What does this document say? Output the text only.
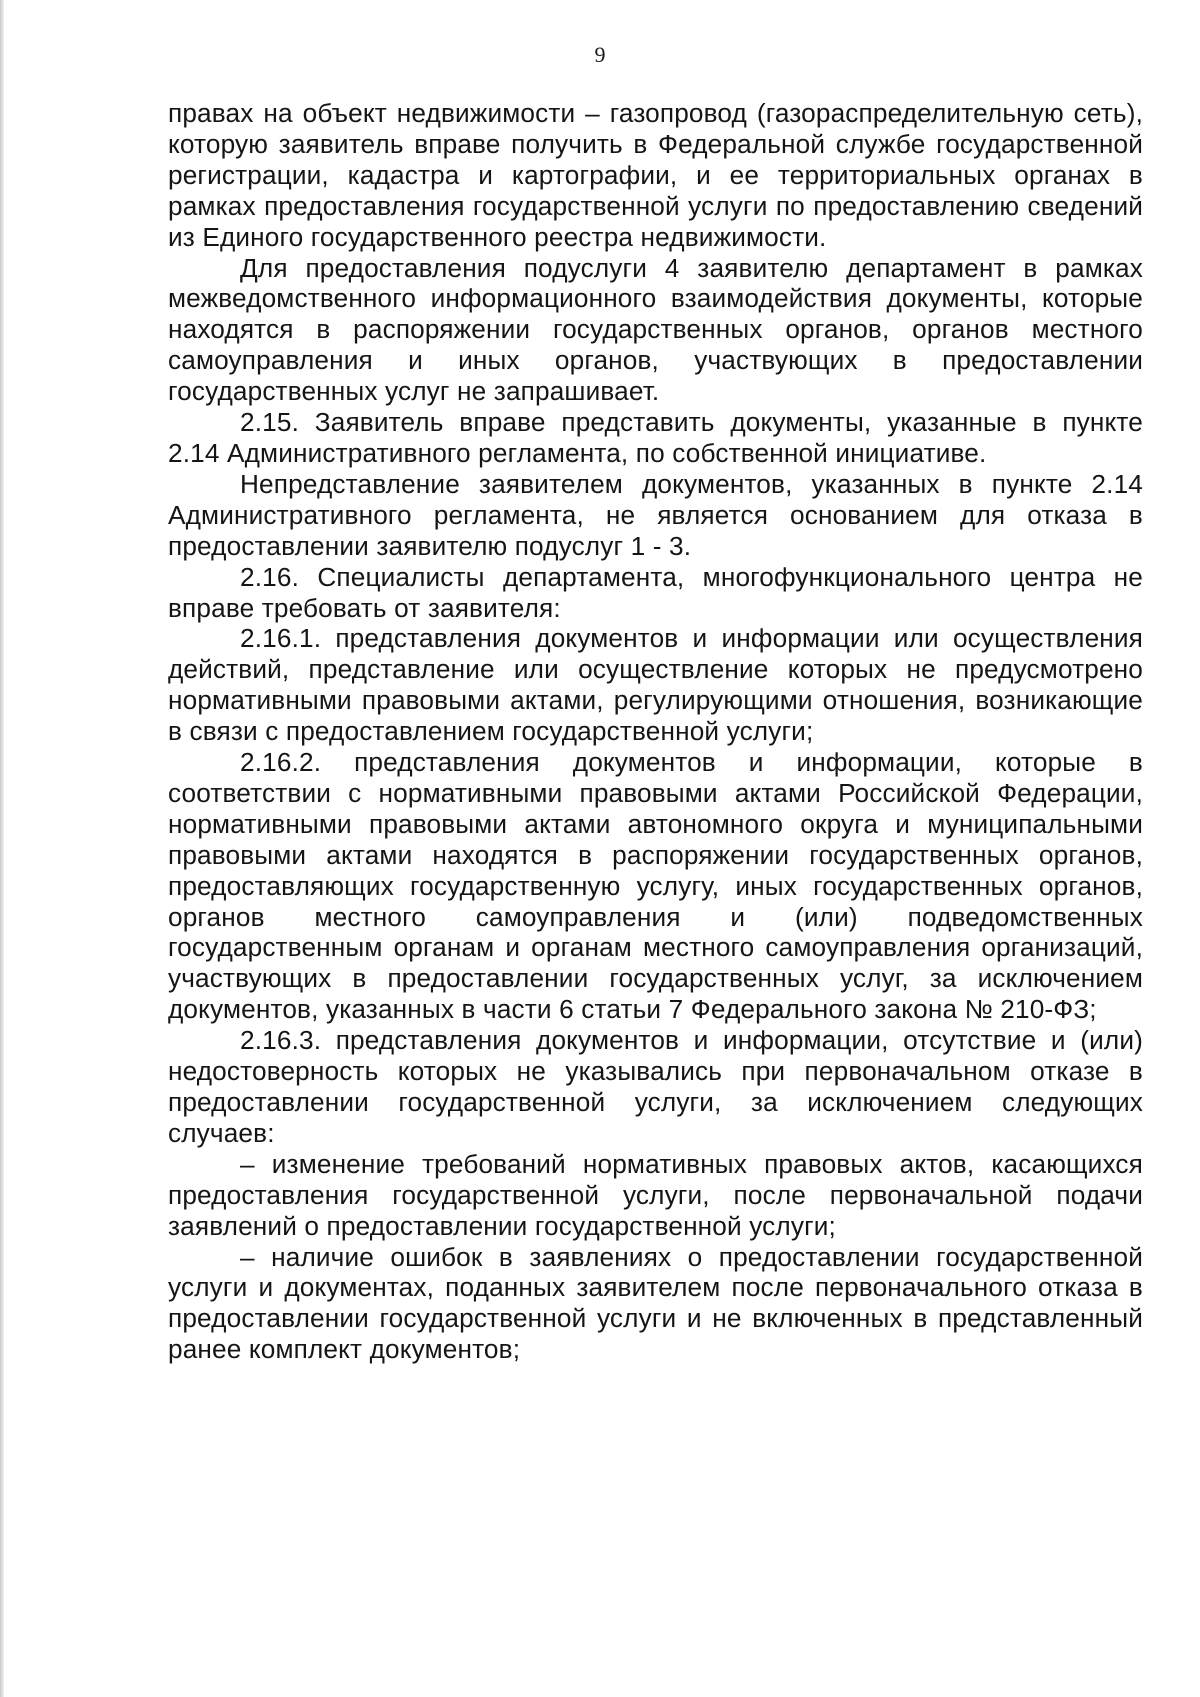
9

правах на объект недвижимости – газопровод (газораспределительную сеть), которую заявитель вправе получить в Федеральной службе государственной регистрации, кадастра и картографии, и ее территориальных органах в рамках предоставления государственной услуги по предоставлению сведений из Единого государственного реестра недвижимости.

Для предоставления подуслуги 4 заявителю департамент в рамках межведомственного информационного взаимодействия документы, которые находятся в распоряжении государственных органов, органов местного самоуправления и иных органов, участвующих в предоставлении государственных услуг не запрашивает.

2.15. Заявитель вправе представить документы, указанные в пункте 2.14 Административного регламента, по собственной инициативе.

Непредставление заявителем документов, указанных в пункте 2.14 Административного регламента, не является основанием для отказа в предоставлении заявителю подуслуг 1 - 3.

2.16. Специалисты департамента, многофункционального центра не вправе требовать от заявителя:

2.16.1. представления документов и информации или осуществления действий, представление или осуществление которых не предусмотрено нормативными правовыми актами, регулирующими отношения, возникающие в связи с предоставлением государственной услуги;

2.16.2. представления документов и информации, которые в соответствии с нормативными правовыми актами Российской Федерации, нормативными правовыми актами автономного округа и муниципальными правовыми актами находятся в распоряжении государственных органов, предоставляющих государственную услугу, иных государственных органов, органов местного самоуправления и (или) подведомственных государственным органам и органам местного самоуправления организаций, участвующих в предоставлении государственных услуг, за исключением документов, указанных в части 6 статьи 7 Федерального закона № 210-ФЗ;

2.16.3. представления документов и информации, отсутствие и (или) недостоверность которых не указывались при первоначальном отказе в предоставлении государственной услуги, за исключением следующих случаев:

– изменение требований нормативных правовых актов, касающихся предоставления государственной услуги, после первоначальной подачи заявлений о предоставлении государственной услуги;

– наличие ошибок в заявлениях о предоставлении государственной услуги и документах, поданных заявителем после первоначального отказа в предоставлении государственной услуги и не включенных в представленный ранее комплект документов;
